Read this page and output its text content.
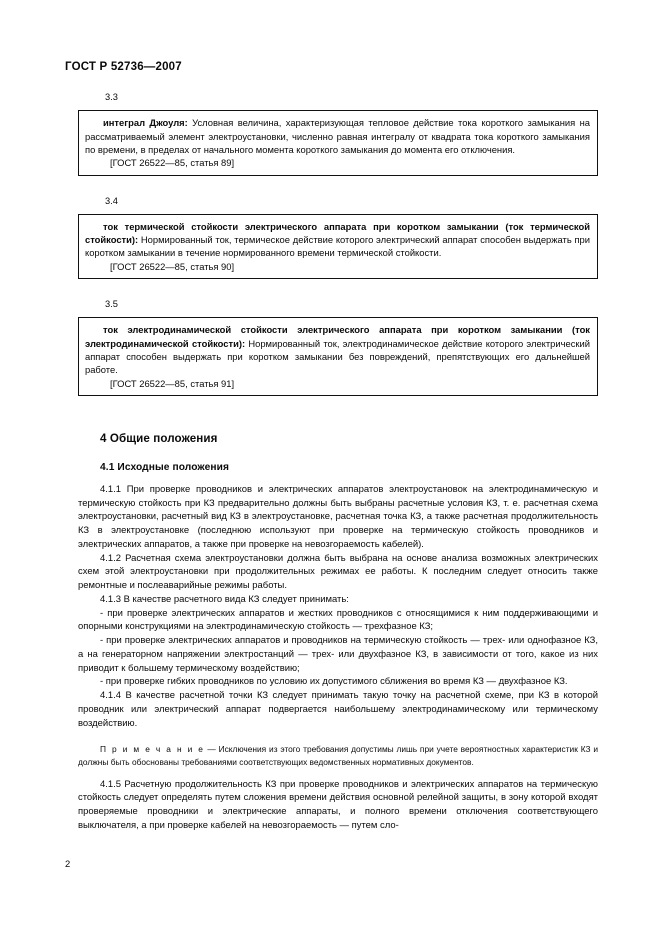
ГОСТ Р 52736—2007
3.3

интеграл Джоуля: Условная величина, характеризующая тепловое действие тока короткого замыкания на рассматриваемый элемент электроустановки, численно равная интегралу от квадрата тока короткого замыкания по времени, в пределах от начального момента короткого замыкания до момента его отключения.

[ГОСТ 26522—85, статья 89]

3.4

ток термической стойкости электрического аппарата при коротком замыкании (ток термической стойкости): Нормированный ток, термическое действие которого электрический аппарат способен выдержать при коротком замыкании в течение нормированного времени термической стойкости.

[ГОСТ 26522—85, статья 90]

3.5

ток электродинамической стойкости электрического аппарата при коротком замыкании (ток электродинамической стойкости): Нормированный ток, электродинамическое действие которого электрический аппарат способен выдержать при коротком замыкании без повреждений, препятствующих его дальнейшей работе.

[ГОСТ 26522—85, статья 91]

4 Общие положения
4.1 Исходные положения

4.1.1 При проверке проводников и электрических аппаратов электроустановок на электродинамическую и термическую стойкость при КЗ предварительно должны быть выбраны расчетные условия КЗ, т. е. расчетная схема электроустановки, расчетный вид КЗ в электроустановке, расчетная точка КЗ, а также расчетная продолжительность КЗ в электроустановке (последнюю используют при проверке на термическую стойкость проводников и электрических аппаратов, а также при проверке на невозгораемость кабелей).

4.1.2 Расчетная схема электроустановки должна быть выбрана на основе анализа возможных электрических схем этой электроустановки при продолжительных режимах ее работы. К последним следует относить также ремонтные и послеаварийные режимы работы.

4.1.3 В качестве расчетного вида КЗ следует принимать:

- при проверке электрических аппаратов и жестких проводников с относящимися к ним поддерживающими и опорными конструкциями на электродинамическую стойкость — трехфазное КЗ;

- при проверке электрических аппаратов и проводников на термическую стойкость — трех- или однофазное КЗ, а на генераторном напряжении электростанций — трех- или двухфазное КЗ, в зависимости от того, какое из них приводит к большему термическому воздействию;

- при проверке гибких проводников по условию их допустимого сближения во время КЗ — двухфазное КЗ.

4.1.4 В качестве расчетной точки КЗ следует принимать такую точку на расчетной схеме, при КЗ в которой проводник или электрический аппарат подвергается наибольшему электродинамическому или термическому воздействию.

П р и м е ч а н и е — Исключения из этого требования допустимы лишь при учете вероятностных характеристик КЗ и должны быть обоснованы требованиями соответствующих ведомственных нормативных документов.

4.1.5 Расчетную продолжительность КЗ при проверке проводников и электрических аппаратов на термическую стойкость следует определять путем сложения времени действия основной релейной защиты, в зону которой входят проверяемые проводники и электрические аппараты, и полного времени отключения соответствующего выключателя, а при проверке кабелей на невозгораемость — путем сло-

2
